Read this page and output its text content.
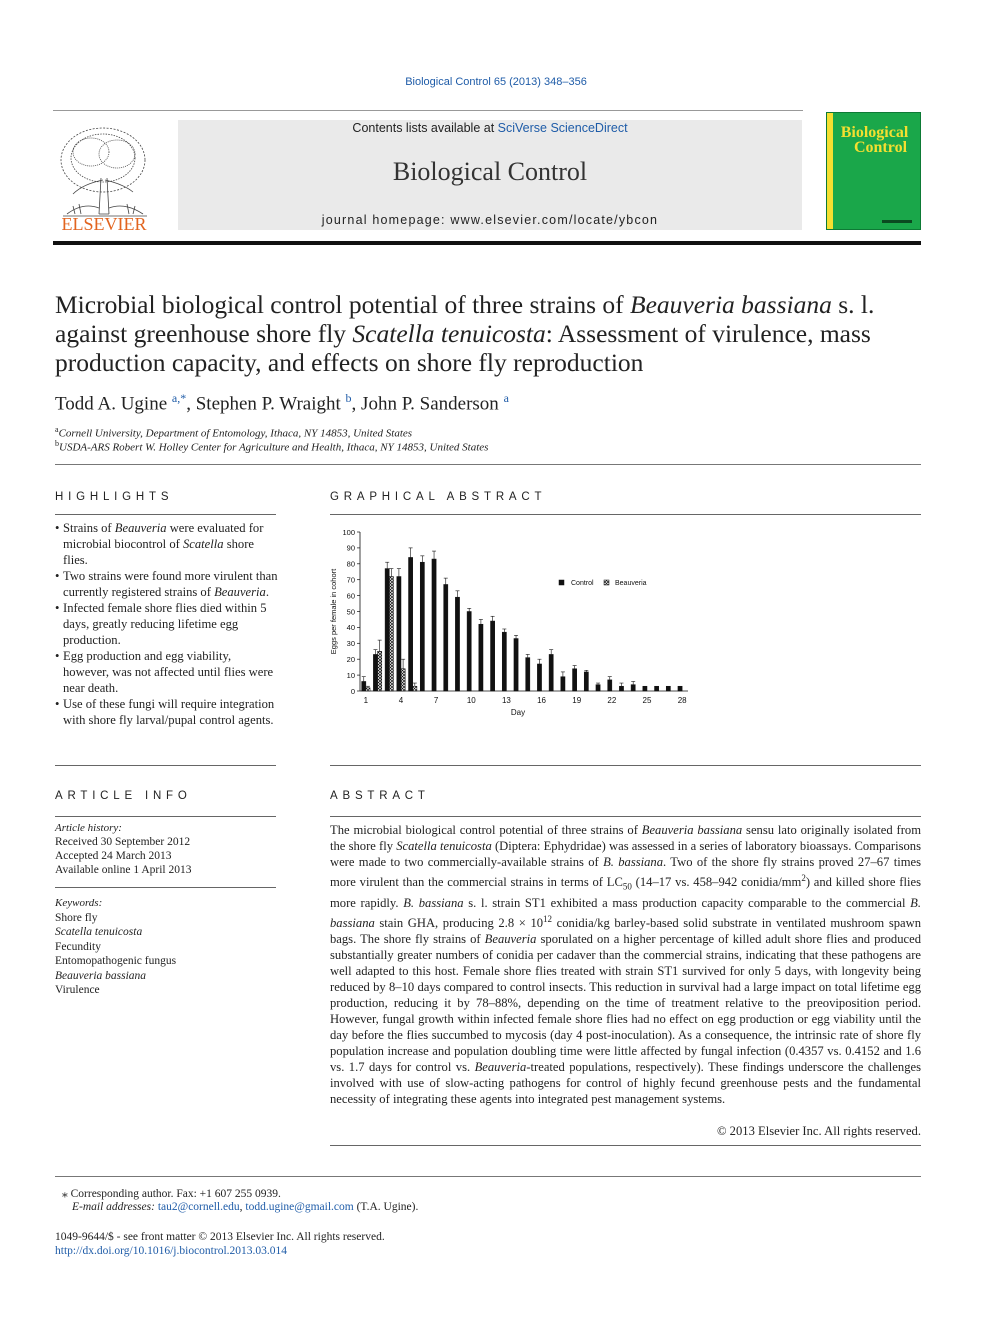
Biological Control 65 (2013) 348–356
ELSEVIER
Contents lists available at SciVerse ScienceDirect
Biological Control
journal homepage: www.elsevier.com/locate/ybcon
Biological
Control
Microbial biological control potential of three strains of Beauveria bassiana s. l. against greenhouse shore fly Scatella tenuicosta: Assessment of virulence, mass production capacity, and effects on shore fly reproduction
Todd A. Ugine $^{a,*}$, Stephen P. Wraight $^b$, John P. Sanderson $^a$
$^a$Cornell University, Department of Entomology, Ithaca, NY 14853, United States
$^b$USDA-ARS Robert W. Holley Center for Agriculture and Health, Ithaca, NY 14853, United States
HIGHLIGHTS
• Strains of Beauveria were evaluated for microbial biocontrol of Scatella shore flies.
• Two strains were found more virulent than currently registered strains of Beauveria.
• Infected female shore flies died within 5 days, greatly reducing lifetime egg production.
• Egg production and egg viability, however, was not affected until flies were near death.
• Use of these fungi will require integration with shore fly larval/pupal control agents.
GRAPHICAL ABSTRACT
0
10
20
30
40
50
60
70
80
90
100
1	4	7	10	13	16	19	22	25	28
Day
Eggs per female in cohort	Control	Beauveria
ARTICLE INFO
Article history:
Received 30 September 2012
Accepted 24 March 2013
Available online 1 April 2013
Keywords:
Shore fly
Scatella tenuicosta
Fecundity
Entomopathogenic fungus
Beauveria bassiana
Virulence
ABSTRACT
The microbial biological control potential of three strains of Beauveria bassiana sensu lato originally isolated from the shore fly Scatella tenuicosta (Diptera: Ephydridae) was assessed in a series of laboratory bioassays. Comparisons were made to two commercially-available strains of B. bassiana. Two of the shore fly strains proved 27–67 times more virulent than the commercial strains in terms of $LC_{50}$ (14–17 vs. 458–942 conidia/$mm^2$) and killed shore flies more rapidly. B. bassiana s. l. strain ST1 exhibited a mass production capacity comparable to the commercial B. bassiana stain GHA, producing $2.8 \times 10^{12}$ conidia/kg barley-based solid substrate in ventilated mushroom spawn bags. The shore fly strains of Beauveria sporulated on a higher percentage of killed adult shore flies and produced substantially greater numbers of conidia per cadaver than the commercial strains, indicating that these pathogens are well adapted to this host. Female shore flies treated with strain ST1 survived for only 5 days, with longevity being reduced by 8–10 days compared to control insects. This reduction in survival had a large impact on total lifetime egg production, reducing it by 78–88%, depending on the time of treatment relative to the preoviposition period. However, fungal growth within infected female shore flies had no effect on egg production or egg viability until the day before the flies succumbed to mycosis (day 4 post-inoculation). As a consequence, the intrinsic rate of shore fly population increase and population doubling time were little affected by fungal infection (0.4357 vs. 0.4152 and 1.6 vs. 1.7 days for control vs. Beauveria-treated populations, respectively). These findings underscore the challenges involved with use of slow-acting pathogens for control of highly fecund greenhouse pests and the fundamental necessity of integrating these agents into integrated pest management systems.
© 2013 Elsevier Inc. All rights reserved.
⁎ Corresponding author. Fax: +1 607 255 0939.
E-mail addresses: tau2@cornell.edu, todd.ugine@gmail.com (T.A. Ugine).
1049-9644/$ - see front matter © 2013 Elsevier Inc. All rights reserved.
http://dx.doi.org/10.1016/j.biocontrol.2013.03.014
